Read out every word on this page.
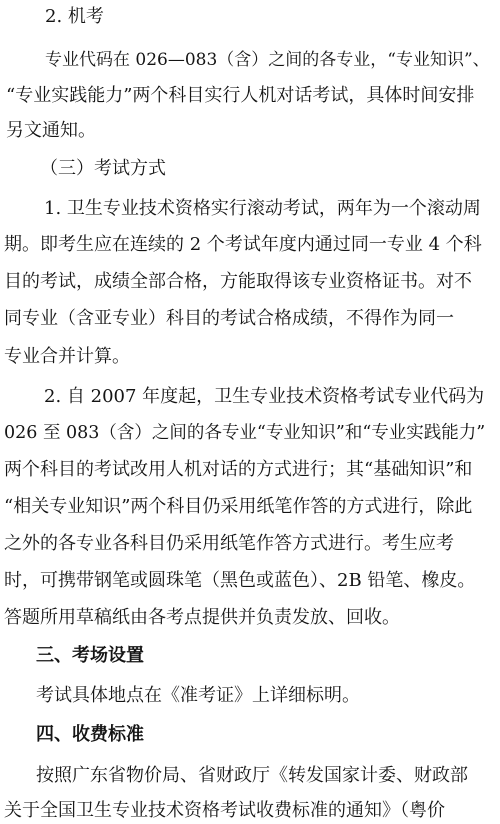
2. 机考

专业代码在 026—083（含）之间的各专业，“专业知识”、

“专业实践能力”两个科目实行人机对话考试，具体时间安排

另文通知。

（三）考试方式

1. 卫生专业技术资格实行滚动考试，两年为一个滚动周

期。即考生应在连续的 2 个考试年度内通过同一专业 4 个科

目的考试，成绩全部合格，方能取得该专业资格证书。对不

同专业（含亚专业）科目的考试合格成绩，不得作为同一

专业合并计算。

2. 自 2007 年度起，卫生专业技术资格考试专业代码为

026 至 083（含）之间的各专业“专业知识”和“专业实践能力”

两个科目的考试改用人机对话的方式进行；其“基础知识”和

“相关专业知识”两个科目仍采用纸笔作答的方式进行，除此

之外的各专业各科目仍采用纸笔作答方式进行。考生应考

时，可携带钢笔或圆珠笔（黑色或蓝色）、2B 铅笔、橡皮。

答题所用草稿纸由各考点提供并负责发放、回收。

三、考场设置

考试具体地点在《准考证》上详细标明。

四、收费标准

按照广东省物价局、省财政厅《转发国家计委、财政部

关于全国卫生专业技术资格考试收费标准的通知》（粤价
